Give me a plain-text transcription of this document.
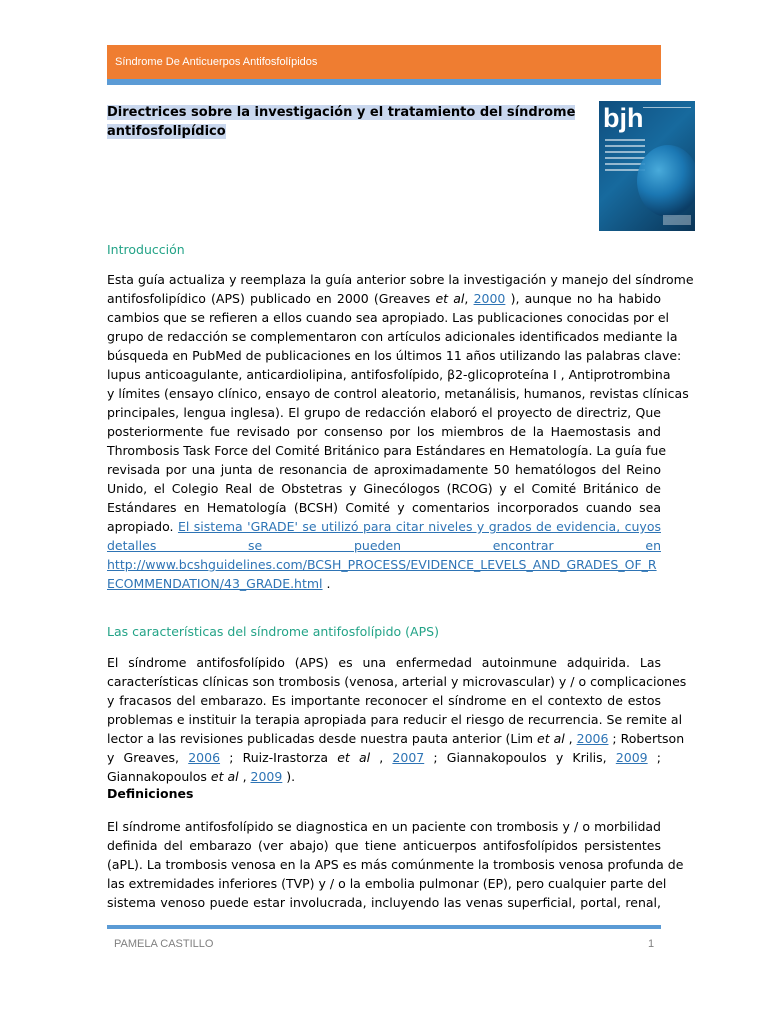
Síndrome De Anticuerpos Antifosfolípidos

Directrices sobre la investigación y el tratamiento del síndrome
antifosfolipídico	bjh
Introducción
Esta guía actualiza y reemplaza la guía anterior sobre la investigación y manejo del síndrome
antifosfolipídico (APS) publicado en 2000 (Greaves et al, 2000 ), aunque no ha habido
cambios que se refieren a ellos cuando sea apropiado. Las publicaciones conocidas por el
grupo de redacción se complementaron con artículos adicionales identificados mediante la
búsqueda en PubMed de publicaciones en los últimos 11 años utilizando las palabras clave:
lupus anticoagulante, anticardiolipina, antifosfolípido, β2-glicoproteína I , Antiprotrombina
y límites (ensayo clínico, ensayo de control aleatorio, metanálisis, humanos, revistas clínicas
principales, lengua inglesa). El grupo de redacción elaboró el proyecto de directriz, Que
posteriormente fue revisado por consenso por los miembros de la Haemostasis and
Thrombosis Task Force del Comité Británico para Estándares en Hematología. La guía fue
revisada por una junta de resonancia de aproximadamente 50 hematólogos del Reino
Unido, el Colegio Real de Obstetras y Ginecólogos (RCOG) y el Comité Británico de
Estándares en Hematología (BCSH) Comité y comentarios incorporados cuando sea
apropiado. El sistema 'GRADE' se utilizó para citar niveles y grados de evidencia, cuyos
detalles se pueden encontrar en
http://www.bcshguidelines.com/BCSH_PROCESS/EVIDENCE_LEVELS_AND_GRADES_OF_R
ECOMMENDATION/43_GRADE.html .
Las características del síndrome antifosfolípido (APS)
El síndrome antifosfolípido (APS) es una enfermedad autoinmune adquirida. Las
características clínicas son trombosis (venosa, arterial y microvascular) y / o complicaciones
y fracasos del embarazo. Es importante reconocer el síndrome en el contexto de estos
problemas e instituir la terapia apropiada para reducir el riesgo de recurrencia. Se remite al
lector a las revisiones publicadas desde nuestra pauta anterior (Lim et al , 2006 ; Robertson
y Greaves, 2006 ; Ruiz-Irastorza et al , 2007 ; Giannakopoulos y Krilis, 2009 ;
Giannakopoulos et al , 2009 ).

Definiciones

El síndrome antifosfolípido se diagnostica en un paciente con trombosis y / o morbilidad
definida del embarazo (ver abajo) que tiene anticuerpos antifosfolípidos persistentes
(aPL). La trombosis venosa en la APS es más comúnmente la trombosis venosa profunda de
las extremidades inferiores (TVP) y / o la embolia pulmonar (EP), pero cualquier parte del
sistema venoso puede estar involucrada, incluyendo las venas superficial, portal, renal,
PAMELA CASTILLO	1
